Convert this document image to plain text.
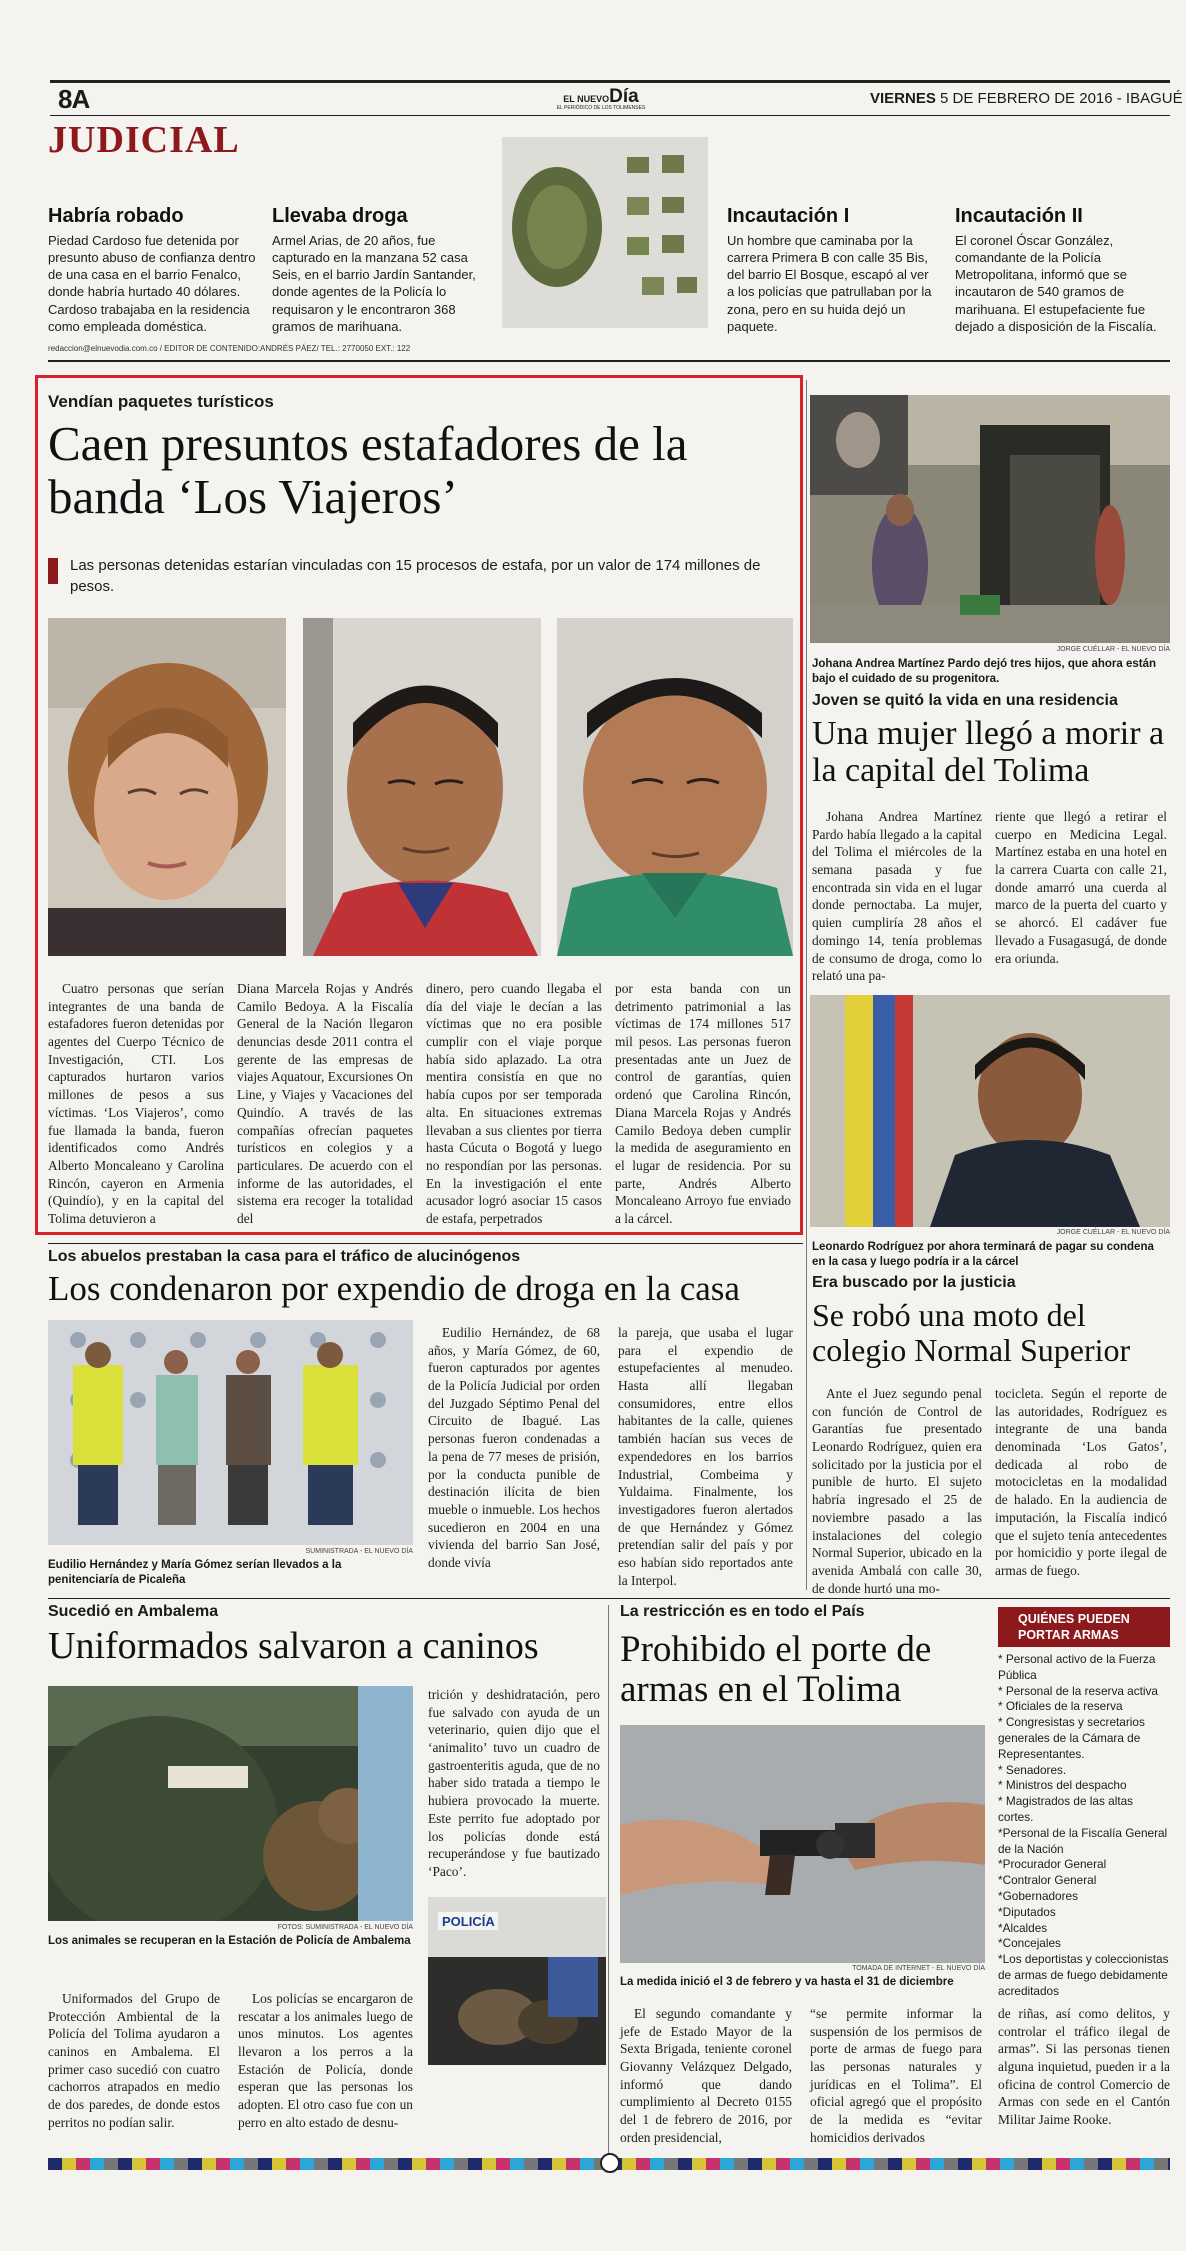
8A	EL NUEVODía
EL PERIÓDICO DE LOS TOLIMENSES
VIERNES 5 DE FEBRERO DE 2016 - IBAGUÉ
JUDICIAL
Habría robado
Piedad Cardoso fue detenida por presunto abuso de confianza dentro de una casa en el barrio Fenalco, donde habría hurtado 40 dólares. Cardoso trabajaba en la residencia como empleada doméstica.
Llevaba droga
Armel Arias, de 20 años, fue capturado en la manzana 52 casa Seis, en el barrio Jardín Santander, donde agentes de la Policía lo requisaron y le encontraron 368 gramos de marihuana.
Incautación I
Un hombre que caminaba por la carrera Primera B con calle 35 Bis, del barrio El Bosque, escapó al ver a los policías que patrullaban por la zona, pero en su huida dejó un paquete.
Incautación II
El coronel Óscar González, comandante de la Policía Metropolitana, informó que se incautaron de 540 gramos de marihuana. El estupefaciente fue dejado a disposición de la Fiscalía.
redaccion@elnuevodia.com.co / EDITOR DE CONTENIDO:ANDRÉS PÁEZ/ TEL.: 2770050 EXT.: 122
Vendían paquetes turísticos
Caen presuntos estafadores de la banda ‘Los Viajeros’
Las personas detenidas estarían vinculadas con 15 procesos de estafa, por un valor de 174 millones de pesos.

Cuatro personas que serían integrantes de una banda de estafadores fueron detenidas por agentes del Cuerpo Técnico de Investigación, CTI. Los capturados hurtaron varios millones de pesos a sus víctimas. ‘Los Viajeros’, como fue llamada la banda, fueron identificados como Andrés Alberto Moncaleano y Carolina Rincón, cayeron en Armenia (Quindío), y en la capital del Tolima detuvieron a

Diana Marcela Rojas y Andrés Camilo Bedoya. A la Fiscalía General de la Nación llegaron denuncias desde 2011 contra el gerente de las empresas de viajes Aquatour, Excursiones On Line, y Viajes y Vacaciones del Quindío. A través de las compañías ofrecían paquetes turísticos en colegios y a particulares. De acuerdo con el informe de las autoridades, el sistema era recoger la totalidad del

dinero, pero cuando llegaba el día del viaje le decían a las víctimas que no era posible cumplir con el viaje porque había sido aplazado. La otra mentira consistía en que no había cupos por ser temporada alta. En situaciones extremas llevaban a sus clientes por tierra hasta Cúcuta o Bogotá y luego no respondían por las personas. En la investigación el ente acusador logró asociar 15 casos de estafa, perpetrados

por esta banda con un detrimento patrimonial a las víctimas de 174 millones 517 mil pesos. Las personas fueron presentadas ante un Juez de control de garantías, quien ordenó que Carolina Rincón, Diana Marcela Rojas y Andrés Camilo Bedoya deben cumplir la medida de aseguramiento en el lugar de residencia. Por su parte, Andrés Alberto Moncaleano Arroyo fue enviado a la cárcel.

JORGE CUÉLLAR - EL NUEVO DÍA
Johana Andrea Martínez Pardo dejó tres hijos, que ahora están bajo el cuidado de su progenitora.
Joven se quitó la vida en una residencia
Una mujer llegó a morir a la capital del Tolima

Johana Andrea Martínez Pardo había llegado a la capital del Tolima el miércoles de la semana pasada y fue encontrada sin vida en el lugar donde pernoctaba. La mujer, quien cumpliría 28 años el domingo 14, tenía problemas de consumo de droga, como lo relató una pa-

riente que llegó a retirar el cuerpo en Medicina Legal. Martínez estaba en una hotel en la carrera Cuarta con calle 21, donde amarró una cuerda al marco de la puerta del cuarto y se ahorcó. El cadáver fue llevado a Fusagasugá, de donde era oriunda.

JORGE CUÉLLAR - EL NUEVO DÍA
Leonardo Rodríguez por ahora terminará de pagar su condena en la casa y luego podría ir a la cárcel
Era buscado por la justicia
Se robó una moto del colegio Normal Superior

Ante el Juez segundo penal con función de Control de Garantías fue presentado Leonardo Rodríguez, quien era solicitado por la justicia por el punible de hurto. El sujeto habría ingresado el 25 de noviembre pasado a las instalaciones del colegio Normal Superior, ubicado en la avenida Ambalá con calle 30, de donde hurtó una mo-

tocicleta. Según el reporte de las autoridades, Rodríguez es integrante de una banda denominada ‘Los Gatos’, dedicada al robo de motocicletas en la modalidad de halado. En la audiencia de imputación, la Fiscalía indicó que el sujeto tenía antecedentes por homicidio y porte ilegal de armas de fuego.

Los abuelos prestaban la casa para el tráfico de alucinógenos
Los condenaron por expendio de droga en la casa
SUMINISTRADA - EL NUEVO DÍA
Eudilio Hernández y María Gómez serían llevados a la penitenciaría de Picaleña

Eudilio Hernández, de 68 años, y María Gómez, de 60, fueron capturados por agentes de la Policía Judicial por orden del Juzgado Séptimo Penal del Circuito de Ibagué. Las personas fueron condenadas a la pena de 77 meses de prisión, por la conducta punible de destinación ilícita de bien mueble o inmueble. Los hechos sucedieron en 2004 en una vivienda del barrio San José, donde vivía

la pareja, que usaba el lugar para el expendio de estupefacientes al menudeo. Hasta allí llegaban consumidores, entre ellos habitantes de la calle, quienes también hacían sus veces de expendedores en los barrios Industrial, Combeima y Yuldaima. Finalmente, los investigadores fueron alertados de que Hernández y Gómez pretendían salir del país y por eso habían sido reportados ante la Interpol.

Sucedió en Ambalema
Uniformados salvaron a caninos
FOTOS: SUMINISTRADA - EL NUEVO DÍA
Los animales se recuperan en la Estación de Policía de Ambalema

trición y deshidratación, pero fue salvado con ayuda de un veterinario, quien dijo que el ‘animalito’ tuvo un cuadro de gastroenteritis aguda, que de no haber sido tratada a tiempo le hubiera provocado la muerte. Este perrito fue adoptado por los policías donde está recuperándose y fue bautizado ‘Paco’.

POLICÍA

Uniformados del Grupo de Protección Ambiental de la Policía del Tolima ayudaron a caninos en Ambalema. El primer caso sucedió con cuatro cachorros atrapados en medio de dos paredes, de donde estos perritos no podían salir.

Los policías se encargaron de rescatar a los animales luego de unos minutos. Los agentes llevaron a los perros a la Estación de Policía, donde esperan que las personas los adopten. El otro caso fue con un perro en alto estado de desnu-

La restricción es en todo el País
Prohibido el porte de armas en el Tolima
TOMADA DE INTERNET - EL NUEVO DÍA
La medida inició el 3 de febrero y va hasta el 31 de diciembre

El segundo comandante y jefe de Estado Mayor de la Sexta Brigada, teniente coronel Giovanny Velázquez Delgado, informó que dando cumplimiento al Decreto 0155 del 1 de febrero de 2016, por orden presidencial,

“se permite informar la suspensión de los permisos de porte de armas de fuego para las personas naturales y jurídicas en el Tolima”. El oficial agregó que el propósito de la medida es “evitar homicidios derivados

de riñas, así como delitos, y controlar el tráfico ilegal de armas”. Si las personas tienen alguna inquietud, pueden ir a la oficina de control Comercio de Armas con sede en el Cantón Militar Jaime Rooke.

QUIÉNES PUEDEN PORTAR ARMAS
* Personal activo de la Fuerza Pública
* Personal de la reserva activa
* Oficiales de la reserva
* Congresistas y secretarios generales de la Cámara de Representantes.
* Senadores.
* Ministros del despacho
* Magistrados de las altas cortes.
*Personal de la Fiscalía General de la Nación
*Procurador General
*Contralor General
*Gobernadores
*Diputados
*Alcaldes
*Concejales
*Los deportistas y coleccionistas de armas de fuego debidamente acreditados
